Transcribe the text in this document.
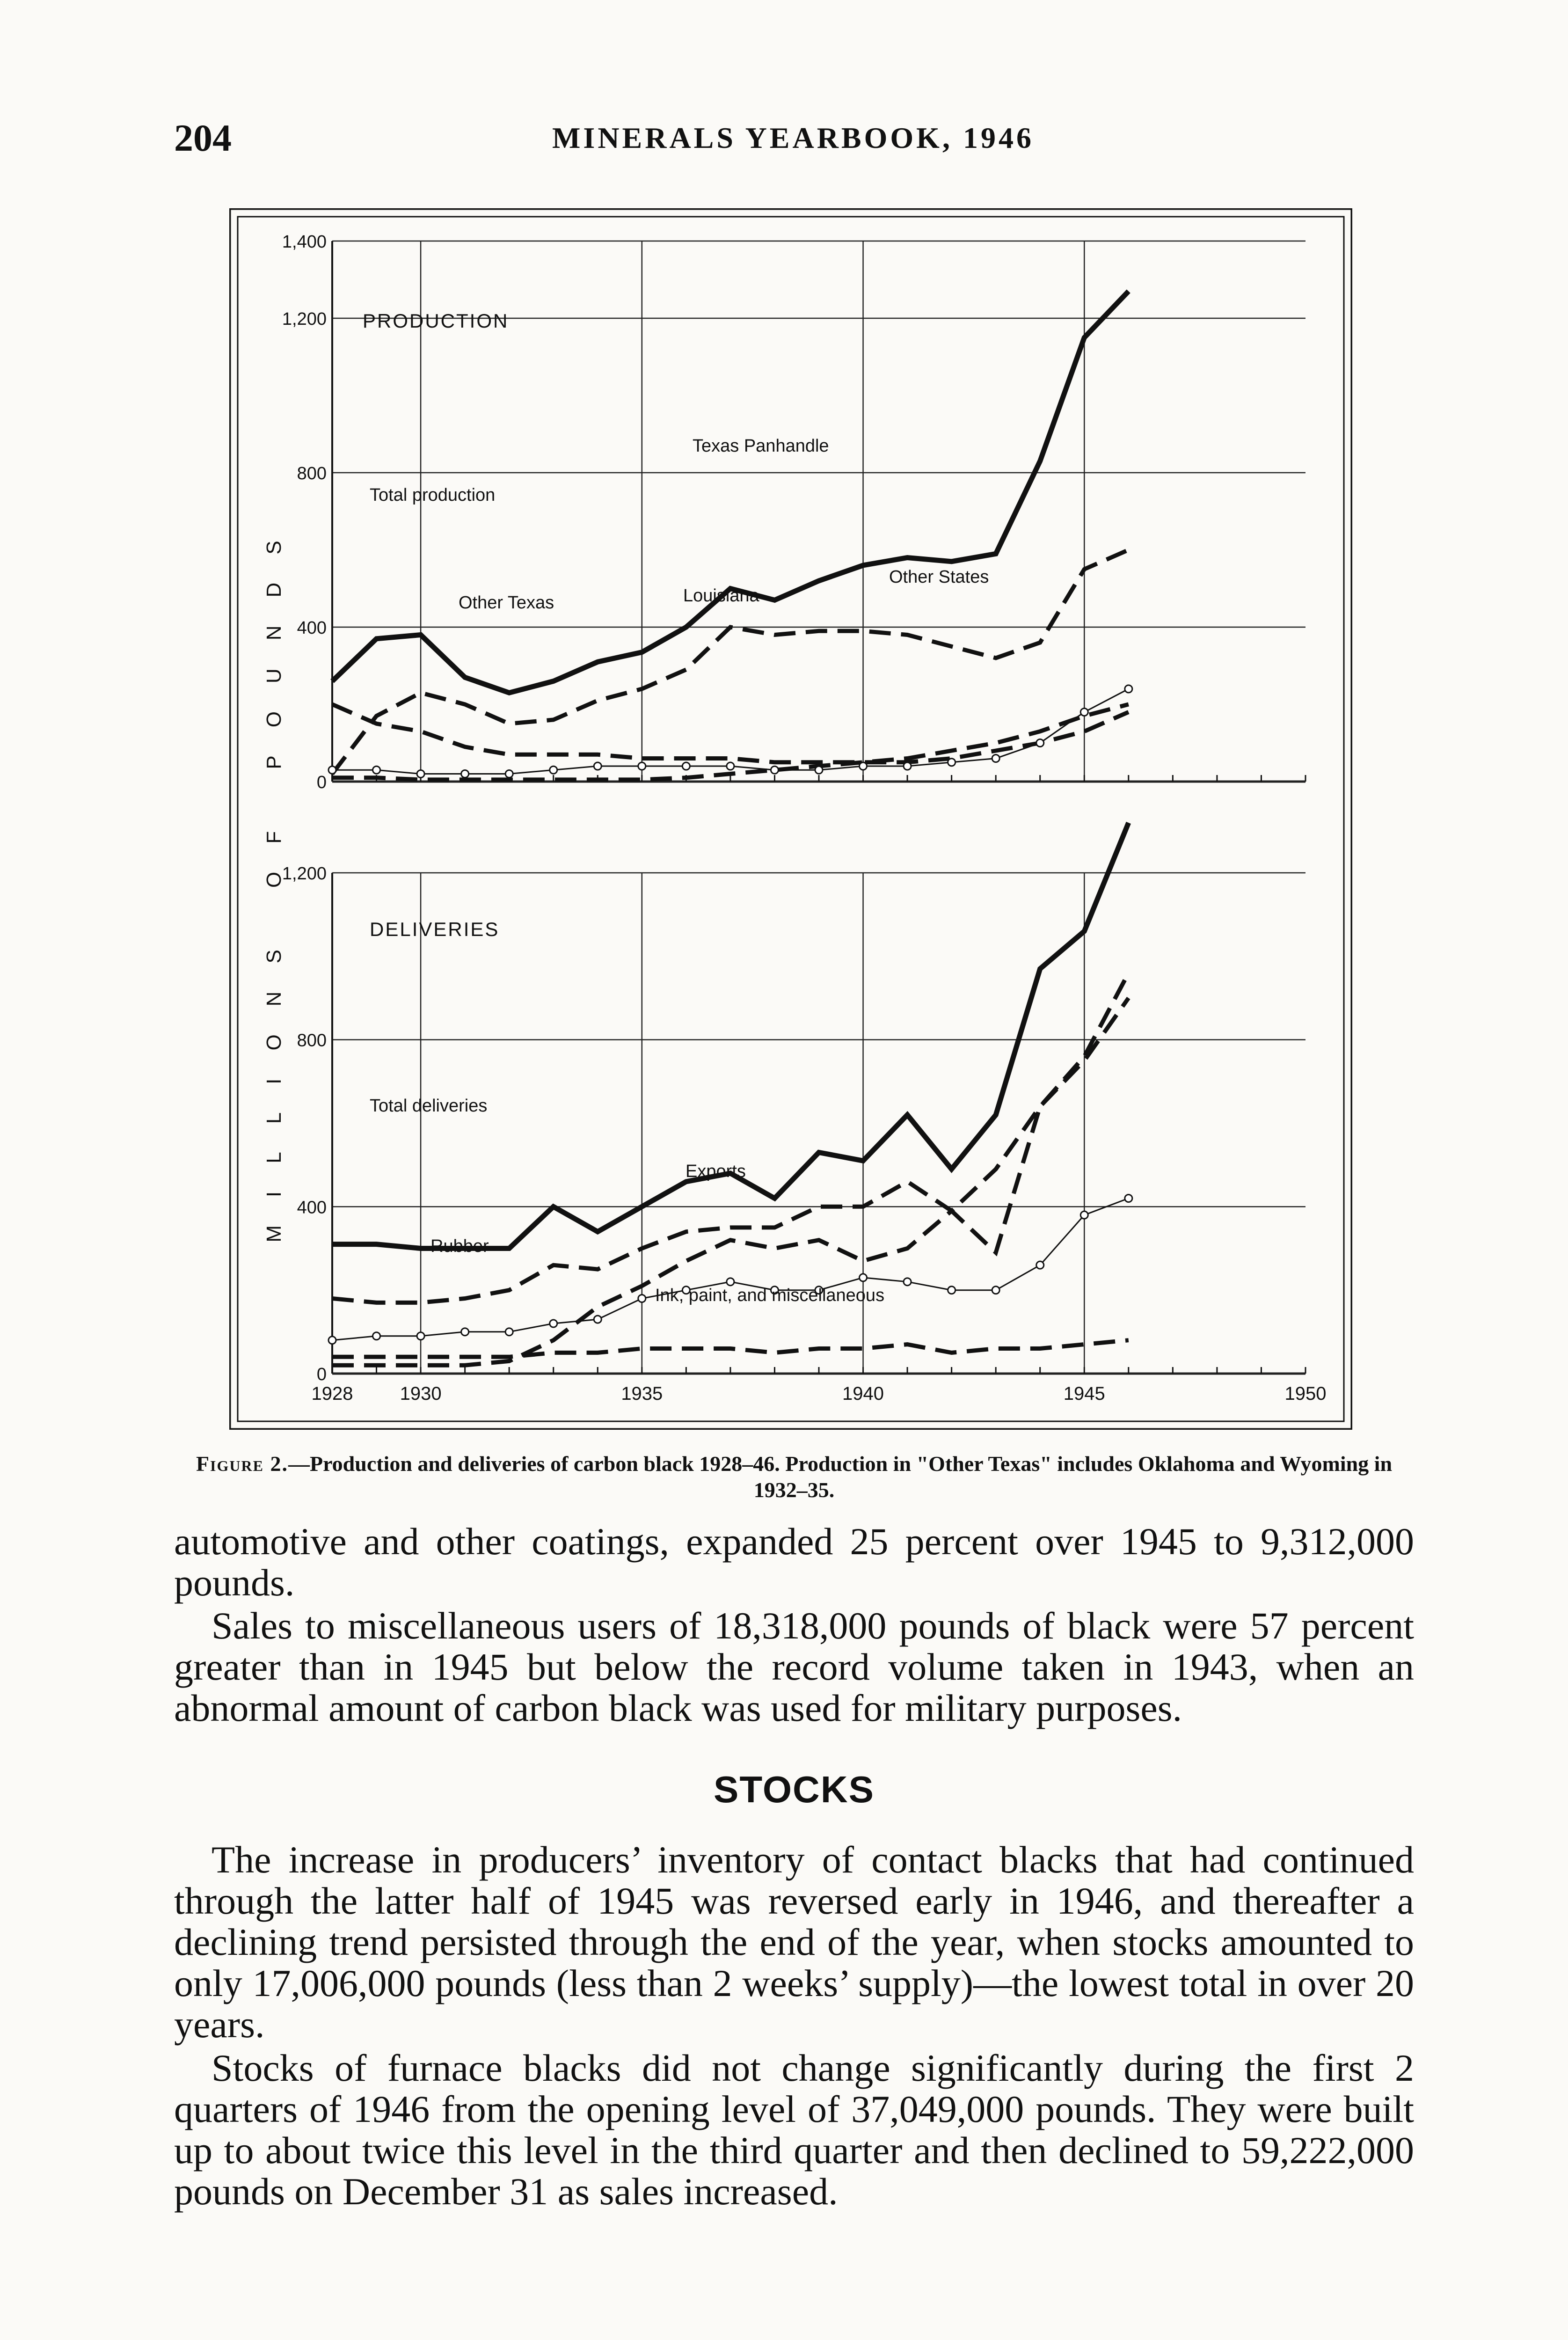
204	MINERALS YEARBOOK, 1946
MILLIONS OF POUNDS 0
400
800
1,200
1,400
PRODUCTION
Total production
Texas Panhandle
Other Texas	Louisiana
Other States
0
400
800
1,200
1928	1930	1935	1940	1945	1950
DELIVERIES
Total deliveries
Exports
Rubber
Ink, paint, and miscellaneous
Figure 2.—Production and deliveries of carbon black 1928–46. Production in "Other Texas" includes Oklahoma and Wyoming in 1932–35.

automotive and other coatings, expanded 25 percent over 1945 to 9,312,000 pounds.

Sales to miscellaneous users of 18,318,000 pounds of black were 57 percent greater than in 1945 but below the record volume taken in 1943, when an abnormal amount of carbon black was used for military purposes.

STOCKS

The increase in producers’ inventory of contact blacks that had continued through the latter half of 1945 was reversed early in 1946, and thereafter a declining trend persisted through the end of the year, when stocks amounted to only 17,006,000 pounds (less than 2 weeks’ supply)—the lowest total in over 20 years.

Stocks of furnace blacks did not change significantly during the first 2 quarters of 1946 from the opening level of 37,049,000 pounds. They were built up to about twice this level in the third quarter and then declined to 59,222,000 pounds on December 31 as sales increased.
